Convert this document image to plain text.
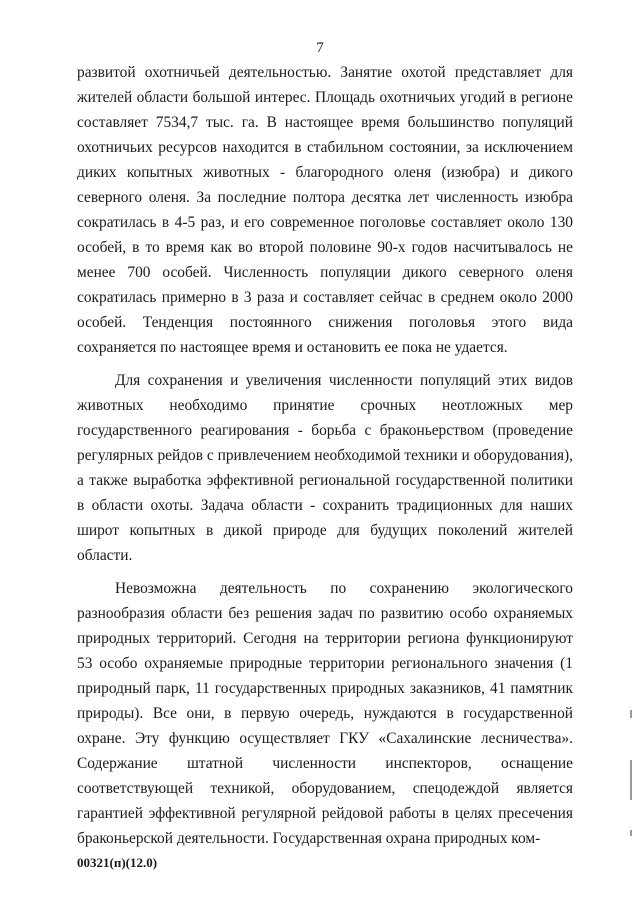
7

развитой охотничьей деятельностью. Занятие охотой представляет для жителей области большой интерес. Площадь охотничьих угодий в регионе составляет 7534,7 тыс. га. В настоящее время большинство популяций охотничьих ресурсов находится в стабильном состоянии, за исключением диких копытных животных - благородного оленя (изюбра) и дикого северного оленя. За последние полтора десятка лет численность изюбра сократилась в 4-5 раз, и его современное поголовье составляет около 130 особей, в то время как во второй половине 90-х годов насчитывалось не менее 700 особей. Численность популяции дикого северного оленя сократилась примерно в 3 раза и составляет сейчас в среднем около 2000 особей. Тенденция постоянного снижения поголовья этого вида сохраняется по настоящее время и остановить ее пока не удается.

Для сохранения и увеличения численности популяций этих видов животных необходимо принятие срочных неотложных мер государственного реагирования - борьба с браконьерством (проведение регулярных рейдов с привлечением необходимой техники и оборудования), а также выработка эффективной региональной государственной политики в области охоты. Задача области - сохранить традиционных для наших широт копытных в дикой природе для будущих поколений жителей области.

Невозможна деятельность по сохранению экологического разнообразия области без решения задач по развитию особо охраняемых природных территорий. Сегодня на территории региона функционируют 53 особо охраняемые природные территории регионального значения (1 природный парк, 11 государственных природных заказников, 41 памятник природы). Все они, в первую очередь, нуждаются в государственной охране. Эту функцию осуществляет ГКУ «Сахалинские лесничества». Содержание штатной численности инспекторов, оснащение соответствующей техникой, оборудованием, спецодеждой является гарантией эффективной регулярной рейдовой работы в целях пресечения браконьерской деятельности. Государственная охрана природных ком-

00321(п)(12.0)
